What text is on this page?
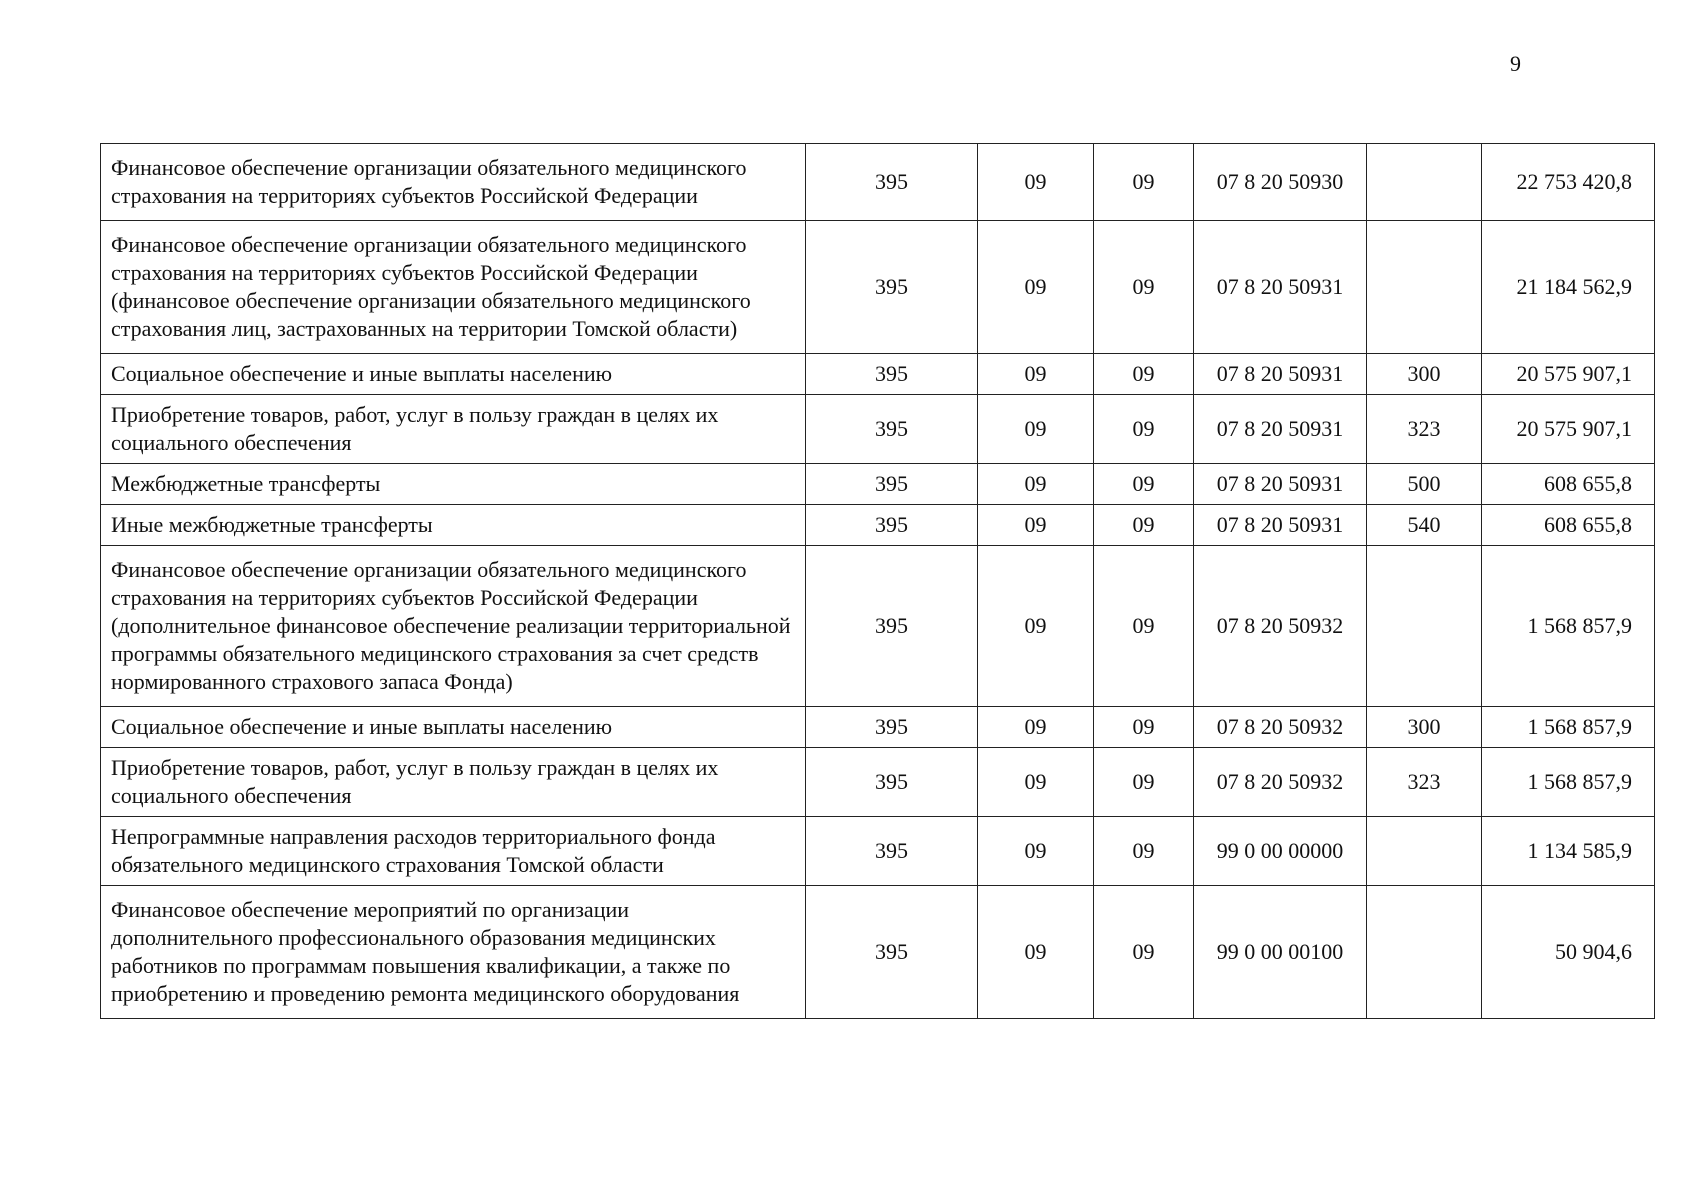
9
Финансовое обеспечение организации обязательного медицинского страхования на территориях субъектов Российской Федерации	395	09	09	07 8 20 50930		22 753 420,8
Финансовое обеспечение организации обязательного медицинского страхования на территориях субъектов Российской Федерации (финансовое обеспечение организации обязательного медицинского страхования лиц, застрахованных на территории Томской области)	395	09	09	07 8 20 50931		21 184 562,9
Социальное обеспечение и иные выплаты населению	395	09	09	07 8 20 50931	300	20 575 907,1
Приобретение товаров, работ, услуг в пользу граждан в целях их социального обеспечения	395	09	09	07 8 20 50931	323	20 575 907,1
Межбюджетные трансферты	395	09	09	07 8 20 50931	500	608 655,8
Иные межбюджетные трансферты	395	09	09	07 8 20 50931	540	608 655,8
Финансовое обеспечение организации обязательного медицинского страхования на территориях субъектов Российской Федерации (дополнительное финансовое обеспечение реализации территориальной программы обязательного медицинского страхования за счет средств нормированного страхового запаса Фонда)	395	09	09	07 8 20 50932		1 568 857,9
Социальное обеспечение и иные выплаты населению	395	09	09	07 8 20 50932	300	1 568 857,9
Приобретение товаров, работ, услуг в пользу граждан в целях их социального обеспечения	395	09	09	07 8 20 50932	323	1 568 857,9
Непрограммные направления расходов территориального фонда обязательного медицинского страхования Томской области	395	09	09	99 0 00 00000		1 134 585,9
Финансовое обеспечение мероприятий по организации дополнительного профессионального образования медицинских работников по программам повышения квалификации, а также по приобретению и проведению ремонта медицинского оборудования	395	09	09	99 0 00 00100		50 904,6
